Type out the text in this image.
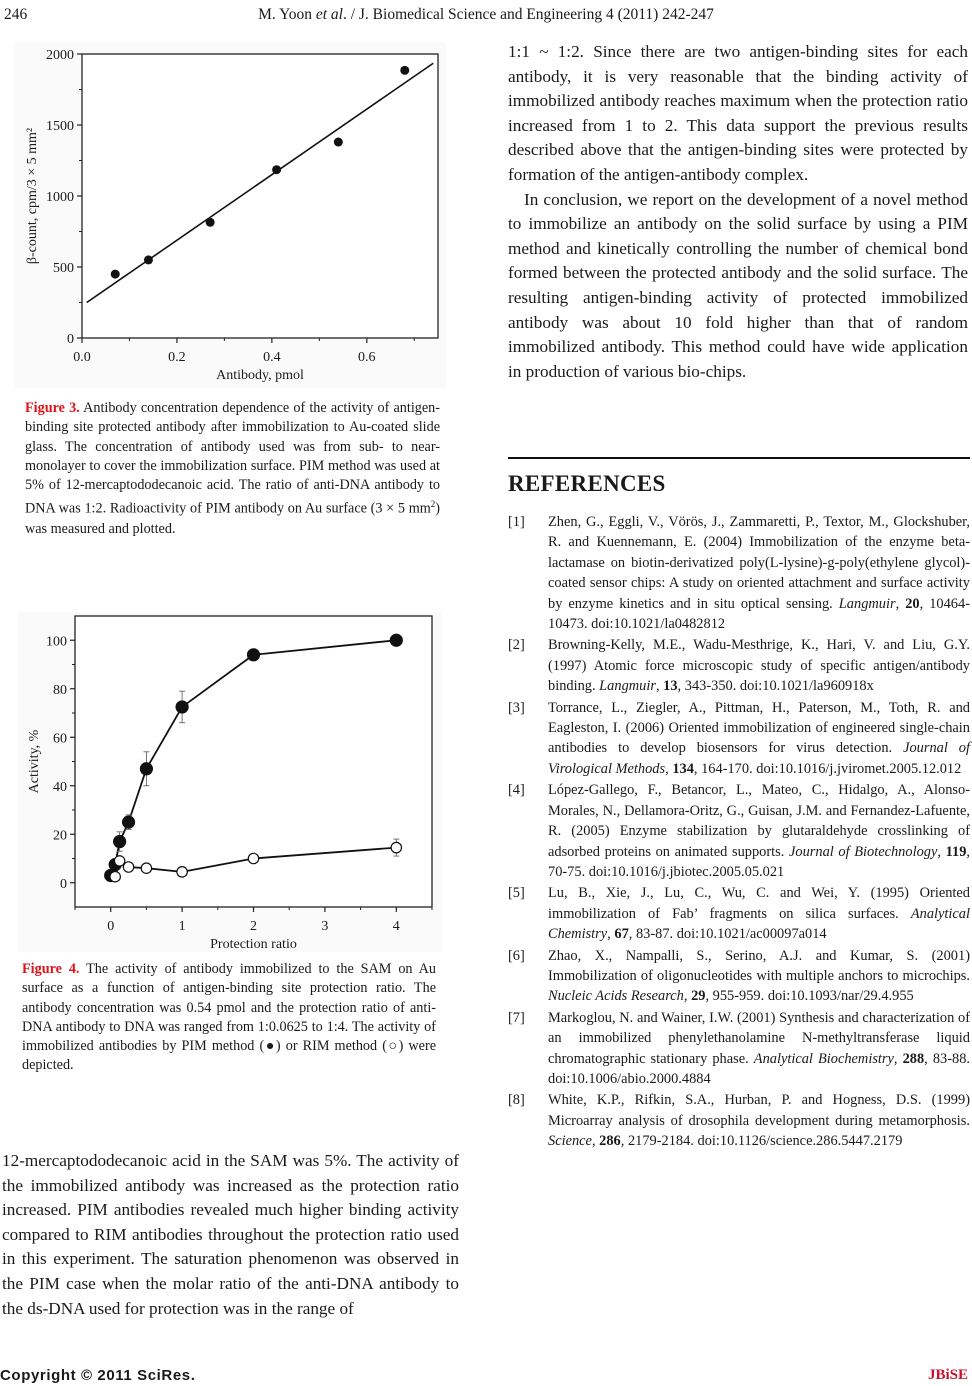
246	M. Yoon et al. / J. Biomedical Science and Engineering 4 (2011) 242-247
0
500
1000
1500
2000
0.0	0.2	0.4	0.6
Antibody, pmol
β-count, cpm/3 × 5 mm²
Figure 3. Antibody concentration dependence of the activity of antigen-binding site protected antibody after immobilization to Au-coated slide glass. The concentration of antibody used was from sub- to near-monolayer to cover the immobilization surface. PIM method was used at 5% of 12-mercaptododecanoic acid. The ratio of anti-DNA antibody to DNA was 1:2. Radioactivity of PIM antibody on Au surface (3 × 5 $mm^2$) was measured and plotted.
0
20
40
60
80
100
0	1	2	3	4
Protection ratio
Activity, %
Figure 4. The activity of antibody immobilized to the SAM on Au surface as a function of antigen-binding site protection ratio. The antibody concentration was 0.54 pmol and the protection ratio of anti-DNA antibody to DNA was ranged from 1:0.0625 to 1:4. The activity of immobilized antibodies by PIM method (●) or RIM method (○) were depicted.

12-mercaptododecanoic acid in the SAM was 5%. The activity of the immobilized antibody was increased as the protection ratio increased. PIM antibodies revealed much higher binding activity compared to RIM antibodies throughout the protection ratio used in this experiment. The saturation phenomenon was observed in the PIM case when the molar ratio of the anti-DNA antibody to the ds-DNA used for protection was in the range of

1:1 ~ 1:2. Since there are two antigen-binding sites for each antibody, it is very reasonable that the binding activity of immobilized antibody reaches maximum when the protection ratio increased from 1 to 2. This data support the previous results described above that the antigen-binding sites were protected by formation of the antigen-antibody complex.

In conclusion, we report on the development of a novel method to immobilize an antibody on the solid surface by using a PIM method and kinetically controlling the number of chemical bond formed between the protected antibody and the solid surface. The resulting antigen-binding activity of protected immobilized antibody was about 10 fold higher than that of random immobilized antibody. This method could have wide application in production of various bio-chips.

REFERENCES
[1]	Zhen, G., Eggli, V., Vörös, J., Zammaretti, P., Textor, M., Glockshuber, R. and Kuennemann, E. (2004) Immobilization of the enzyme beta-lactamase on biotin-derivatized poly(L-lysine)-g-poly(ethylene glycol)-coated sensor chips: A study on oriented attachment and surface activity by enzyme kinetics and in situ optical sensing. Langmuir, 20, 10464-10473. doi:10.1021/la0482812
[2]	Browning-Kelly, M.E., Wadu-Mesthrige, K., Hari, V. and Liu, G.Y. (1997) Atomic force microscopic study of specific antigen/antibody binding. Langmuir, 13, 343-350. doi:10.1021/la960918x
[3]	Torrance, L., Ziegler, A., Pittman, H., Paterson, M., Toth, R. and Eagleston, I. (2006) Oriented immobilization of engineered single-chain antibodies to develop biosensors for virus detection. Journal of Virological Methods, 134, 164-170. doi:10.1016/j.jviromet.2005.12.012
[4]	López-Gallego, F., Betancor, L., Mateo, C., Hidalgo, A., Alonso-Morales, N., Dellamora-Oritz, G., Guisan, J.M. and Fernandez-Lafuente, R. (2005) Enzyme stabilization by glutaraldehyde crosslinking of adsorbed proteins on animated supports. Journal of Biotechnology, 119, 70-75. doi:10.1016/j.jbiotec.2005.05.021
[5]	Lu, B., Xie, J., Lu, C., Wu, C. and Wei, Y. (1995) Oriented immobilization of Fab’ fragments on silica surfaces. Analytical Chemistry, 67, 83-87. doi:10.1021/ac00097a014
[6]	Zhao, X., Nampalli, S., Serino, A.J. and Kumar, S. (2001) Immobilization of oligonucleotides with multiple anchors to microchips. Nucleic Acids Research, 29, 955-959. doi:10.1093/nar/29.4.955
[7]	Markoglou, N. and Wainer, I.W. (2001) Synthesis and characterization of an immobilized phenylethanolamine N-methyltransferase liquid chromatographic stationary phase. Analytical Biochemistry, 288, 83-88. doi:10.1006/abio.2000.4884
[8]	White, K.P., Rifkin, S.A., Hurban, P. and Hogness, D.S. (1999) Microarray analysis of drosophila development during metamorphosis. Science, 286, 2179-2184. doi:10.1126/science.286.5447.2179
Copyright © 2011 SciRes.	JBiSE
